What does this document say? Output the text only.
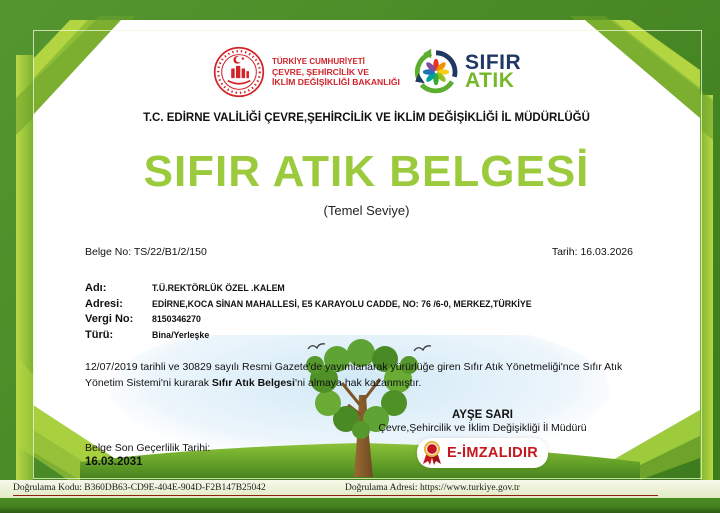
TÜRKİYE CUMHURİYETİ
ÇEVRE, ŞEHİRCİLİK VE
İKLİM DEĞİŞİKLİĞİ BAKANLIĞI
SIFIR
ATIK
T.C. EDİRNE VALİLİĞİ ÇEVRE,ŞEHİRCİLİK VE İKLİM DEĞİŞİKLİĞİ İL MÜDÜRLÜĞÜ
SIFIR ATIK BELGESİ
(Temel Seviye)
Belge No: TS/22/B1/2/150	Tarih: 16.03.2026
Adı:	T.Ü.REKTÖRLÜK ÖZEL .KALEM
Adresi:	EDİRNE,KOCA SİNAN MAHALLESİ, E5 KARAYOLU CADDE, NO: 76 /6-0, MERKEZ,TÜRKİYE
Vergi No:	8150346270
Türü:	Bina/Yerleşke
12/07/2019 tarihli ve 30829 sayılı Resmi Gazete'de yayımlanarak yürürlüğe giren Sıfır Atık Yönetmeliği'nce Sıfır Atık Yönetim Sistemi'ni kurarak Sıfır Atık Belgesi'ni almaya hak kazanmıştır.
AYŞE SARI
Çevre,Şehircilik ve İklim Değişikliği İl Müdürü
E-İMZALIDIR
Belge Son Geçerlilik Tarihi:
16.03.2031
Doğrulama Kodu: B360DB63-CD9E-404E-904D-F2B147B25042	Doğrulama Adresi: https://www.turkiye.gov.tr
